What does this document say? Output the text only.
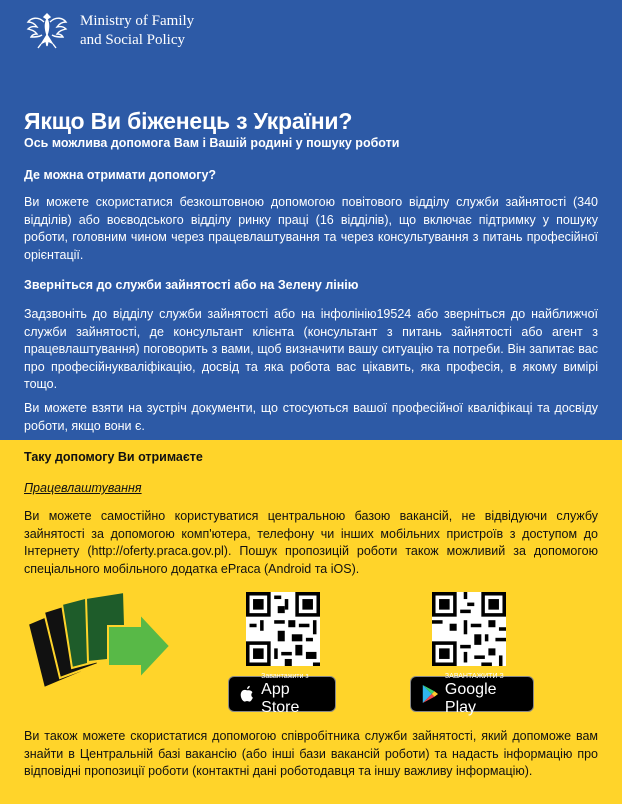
Ministry of Family
and Social Policy
Якщо Ви біженець з України?
Ось можлива допомога Вам і Вашій родині у пошуку роботи
Де можна отримати допомогу?
Ви можете скористатися безкоштовною допомогою повітового відділу служби зайнятості (340 відділів) або воєводського відділу ринку праці (16 відділів), що включає підтримку у пошуку роботи, головним чином через працевлаштування та через консультування з питань професійної орієнтації.
Зверніться до служби зайнятості або на Зелену лінію
Задзвоніть до відділу служби зайнятості або на інфолінію19524 або зверніться до найближчої служби зайнятості, де консультант клієнта (консультант з питань зайнятості або агент з працевлаштування) поговорить з вами, щоб визначити вашу ситуацію та потреби. Він запитає вас про професійнукваліфікацію, досвід та яка робота вас цікавить, яка професія, в якому вимірі тощо.
Ви можете взяти на зустріч документи, що стосуються вашої професійної кваліфікаці та досвіду роботи, якщо вони є.
Таку допомогу Ви отримаєте
Працевлаштування
Ви можете самостійно користуватися центральною базою вакансій, не відвідуючи службу зайнятості за допомогою комп'ютера, телефону чи інших мобільних пристроїв з доступом до Інтернету (http://oferty.praca.gov.pl). Пошук пропозицій роботи також можливий за допомогою спеціального мобільного додатка ePraca (Android та iOS).
Завантажити з
App Store
ЗАВАНТАЖИТИ З
Google Play
Ви також можете скористатися допомогою співробітника служби зайнятості, який допоможе вам знайти в Центральній базі вакансію (або інші бази вакансій роботи) та надасть інформацію про відповідні пропозиції роботи (контактні дані роботодавця та іншу важливу інформацію).
